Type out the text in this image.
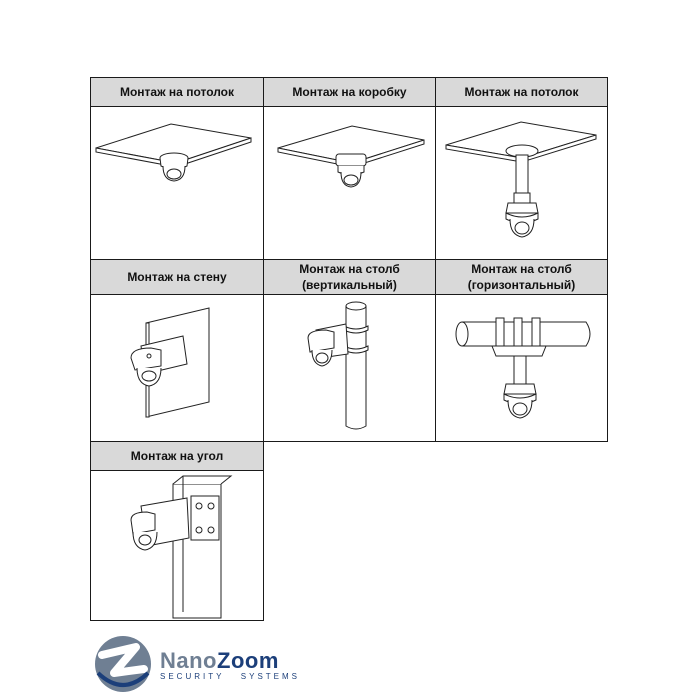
Монтаж на потолок	Монтаж на коробку	Монтаж на потолок
Монтаж на стену
Монтаж на столб
(вертикальный)
Монтаж на столб
(горизонтальный)
Монтаж на угол
NanoZoom
SECURITY SYSTEMS
